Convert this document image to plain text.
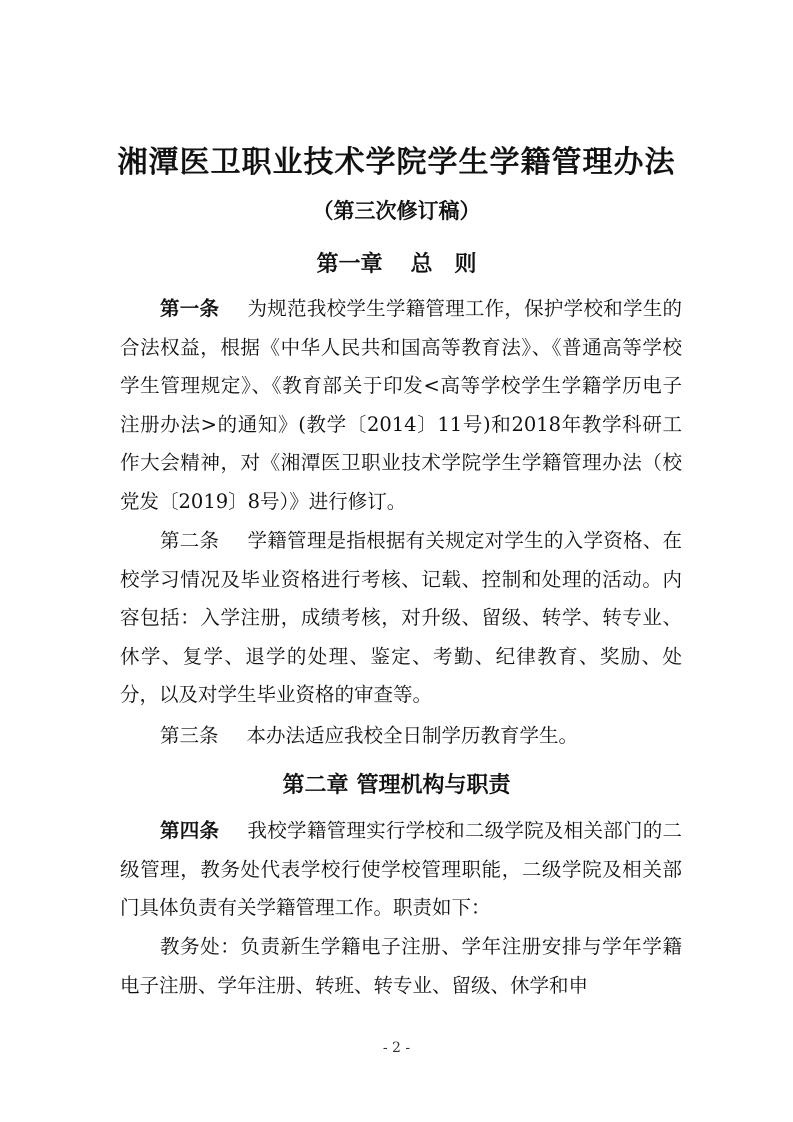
湘潭医卫职业技术学院学生学籍管理办法
（第三次修订稿）
第一章 总　则

第一条 为规范我校学生学籍管理工作，保护学校和学生的合法权益，根据《中华人民共和国高等教育法》、《普通高等学校学生管理规定》、《教育部关于印发<高等学校学生学籍学历电子注册办法>的通知》(教学〔2014〕11号)和2018年教学科研工作大会精神，对《湘潭医卫职业技术学院学生学籍管理办法（校党发〔2019〕8号）》进行修订。

第二条 学籍管理是指根据有关规定对学生的入学资格、在校学习情况及毕业资格进行考核、记载、控制和处理的活动。内容包括：入学注册，成绩考核，对升级、留级、转学、转专业、休学、复学、退学的处理、鉴定、考勤、纪律教育、奖励、处分，以及对学生毕业资格的审查等。

第三条 本办法适应我校全日制学历教育学生。

第二章 管理机构与职责

第四条 我校学籍管理实行学校和二级学院及相关部门的二级管理，教务处代表学校行使学校管理职能，二级学院及相关部门具体负责有关学籍管理工作。职责如下：

教务处：负责新生学籍电子注册、学年注册安排与学年学籍电子注册、学年注册、转班、转专业、留级、休学和申

- 2 -
